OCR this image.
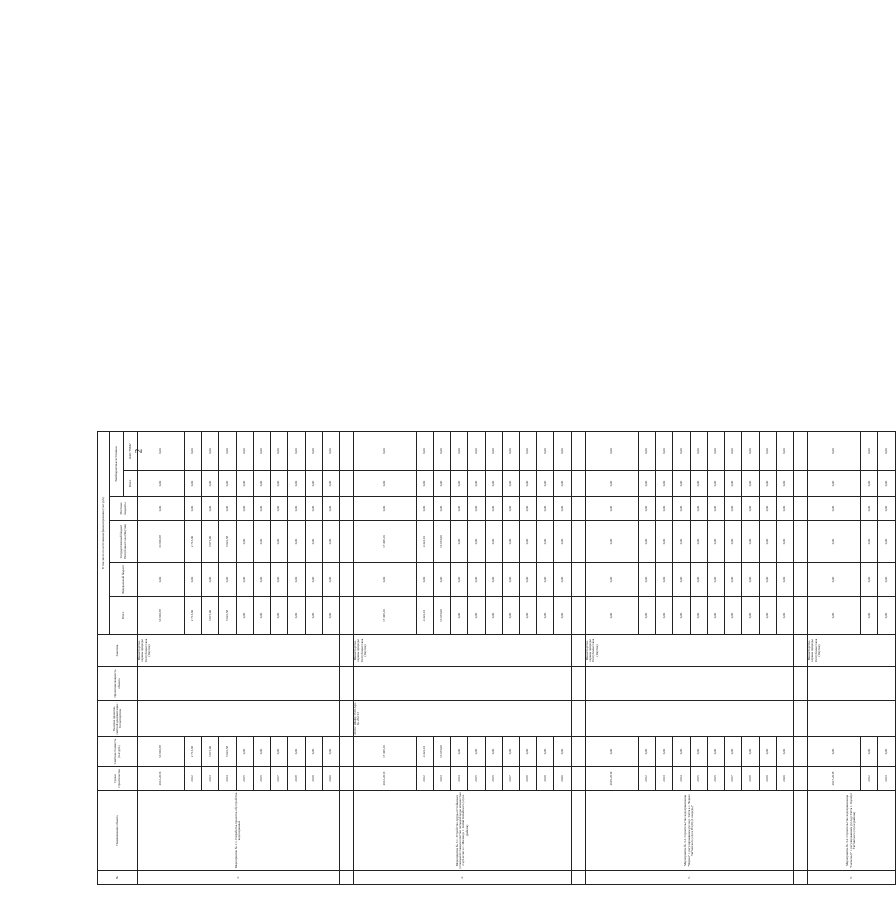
2
№	Наименование объекта	Сроки строительства	Сметная стоимость (тыс.руб.)	Наличие проектно-сметной документации / Госэкспертизы	Проектная мощность объекта	Заказчик	В том числе по источникам финансирования (тыс.руб.)					
							Всего	Федеральный бюджет	Государственный бюджет Республики Саха (Якутия)	Местные бюджеты	Внебюджетные источники	
											Всего	ОАО "РЖК"
3.	Мероприятие № 1.1. Разработка проектов обустройства водоохранных	2012-2016	10 606,58			Министерство охраны природы Республики Саха (Якутия)	10 606,58	0,00	10 606,58	0,00	0,00	0,00
		2012	2 713,06				2 713,00	0,00	2 713,00	0,00	0,00	0,00
		2013	3 971,00				3 971,00	0,00	3 971,00	0,00	0,00	0,00
		2014	3 922,58				3 922,58	0,00	3 922,58	0,00	0,00	0,00
		2015	0,00				0,00	0,00	0,00	0,00	0,00	0,00
		2016	0,00				0,00	0,00	0,00	0,00	0,00	0,00
		2017	0,00				0,00	0,00	0,00	0,00	0,00	0,00
		2018	0,00				0,00	0,00	0,00	0,00	0,00	0,00
		2019	0,00				0,00	0,00	0,00	0,00	0,00	0,00
		2020	0,00				0,00	0,00	0,00	0,00	0,00	0,00

4.	Мероприятие № 3.1. Устройство пруда-отстойника и установкой станции очистки питьевой воды мощностью 2 куб.м/час в с. Мичиндэ с. Кобяй Кобяйского улуса (района)	2012-2013	17 495,10	2010 г. Шифр 1510 Арх. № 202/13		Министерство охраны природы Республики Саха (Якутия)	17 495,10	0,00	17 495,10	0,00	0,00	0,00
		2012	4 422,10				4 422,10	0,00	4 422,10	0,00	0,00	0,00
		2013	13 073,00				13 073,00	0,00	13 073,00	0,00	0,00	0,00
		2014	0,00				0,00	0,00	0,00	0,00	0,00	0,00
		2015	0,00				0,00	0,00	0,00	0,00	0,00	0,00
		2016	0,00				0,00	0,00	0,00	0,00	0,00	0,00
		2017	0,00				0,00	0,00	0,00	0,00	0,00	0,00
		2018	0,00				0,00	0,00	0,00	0,00	0,00	0,00
		2019	0,00				0,00	0,00	0,00	0,00	0,00	0,00
		2020	0,00				0,00	0,00	0,00	0,00	0,00	0,00

5.	Мероприятие № 3.3. Строительство водохранилища "Черкех" с регулированием русла р. Татта в с. Черкех Таттинского улуса РС(Я) (2 очередь)"	2018-2019	0,00			Министерство охраны природы Республики Саха (Якутия)	0,00	0,00	0,00	0,00	0,00	0,00
		2012	0,00				0,00	0,00	0,00	0,00	0,00	0,00
		2013	0,00				0,00	0,00	0,00	0,00	0,00	0,00
		2014	0,00				0,00	0,00	0,00	0,00	0,00	0,00
		2015	0,00				0,00	0,00	0,00	0,00	0,00	0,00
		2016	0,00				0,00	0,00	0,00	0,00	0,00	0,00
		2017	0,00				0,00	0,00	0,00	0,00	0,00	0,00
		2018	0,00				0,00	0,00	0,00	0,00	0,00	0,00
		2019	0,00				0,00	0,00	0,00	0,00	0,00	0,00
		2020	0,00				0,00	0,00	0,00	0,00	0,00	0,00

6.	Мероприятие № 3.4. Строительство водохранилища "Сасыльыт" с регулированием русла р.Татта с. Боробул Таттинского улуса (района)	2017-2018	0,00			Министерство охраны природы Республики Саха (Якутия)	0,00	0,00	0,00	0,00	0,00	0,00
		2012	0,00				0,00	0,00	0,00	0,00	0,00	0,00
		2013	0,00				0,00	0,00	0,00	0,00	0,00	0,00
